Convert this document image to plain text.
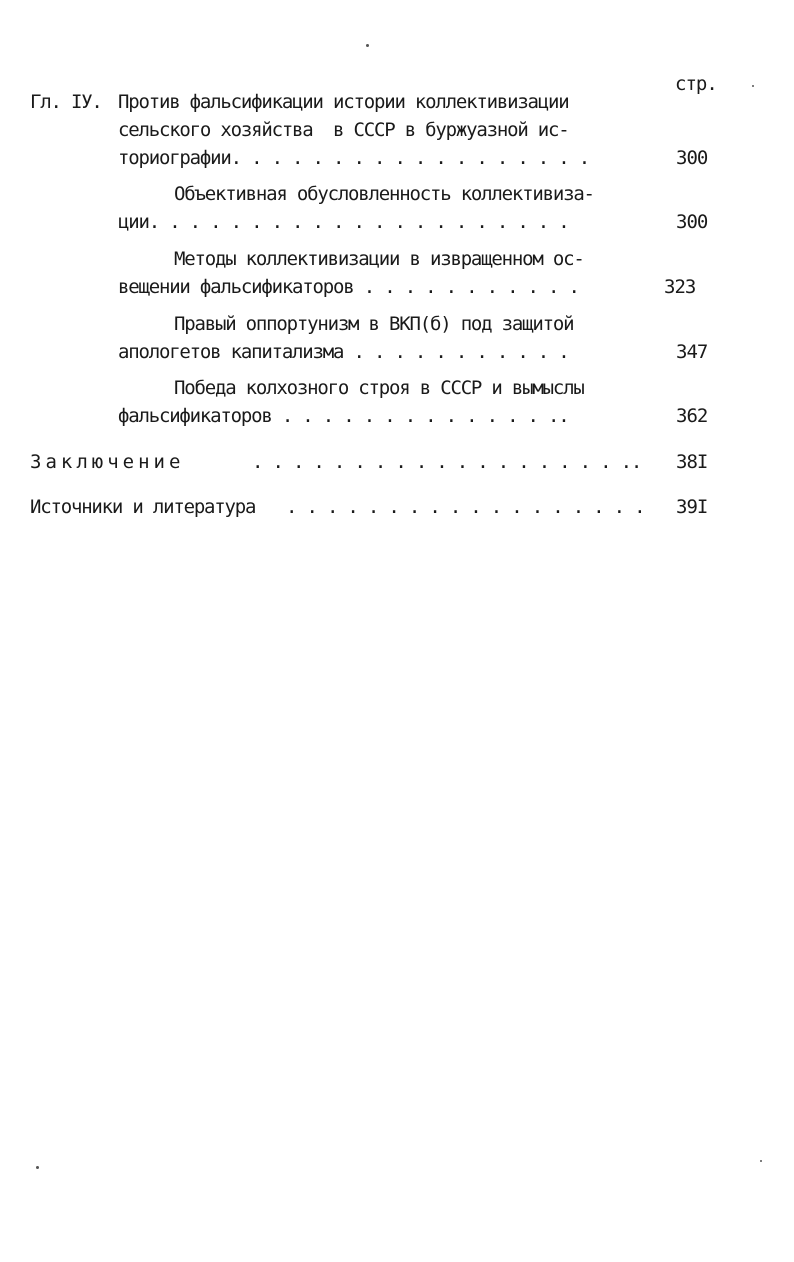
стр.
Гл. IУ. Против фальсификации истории коллективизации
сельского хозяйства  в СССР в буржуазной ис-
ториографии. . . . . . . . . . . . . . . . . .	300
Объективная обусловленность коллективиза-
ции. . . . . . . . . . . . . . . . . . . . .	300
Методы коллективизации в извращенном ос-
вещении фальсификаторов . . . . . . . . . . .	323
Правый оппортунизм в ВКП(б) под защитой
апологетов капитализма . . . . . . . . . . .	347
Победа колхозного строя в СССР и вымыслы
фальсификаторов . . . . . . . . . . . . . ..	362
Заключение	. . . . . . . . . . . . . . . . . . .. 38I
Источники и литература . . . . . . . . . . . . . . . . . . 39I
